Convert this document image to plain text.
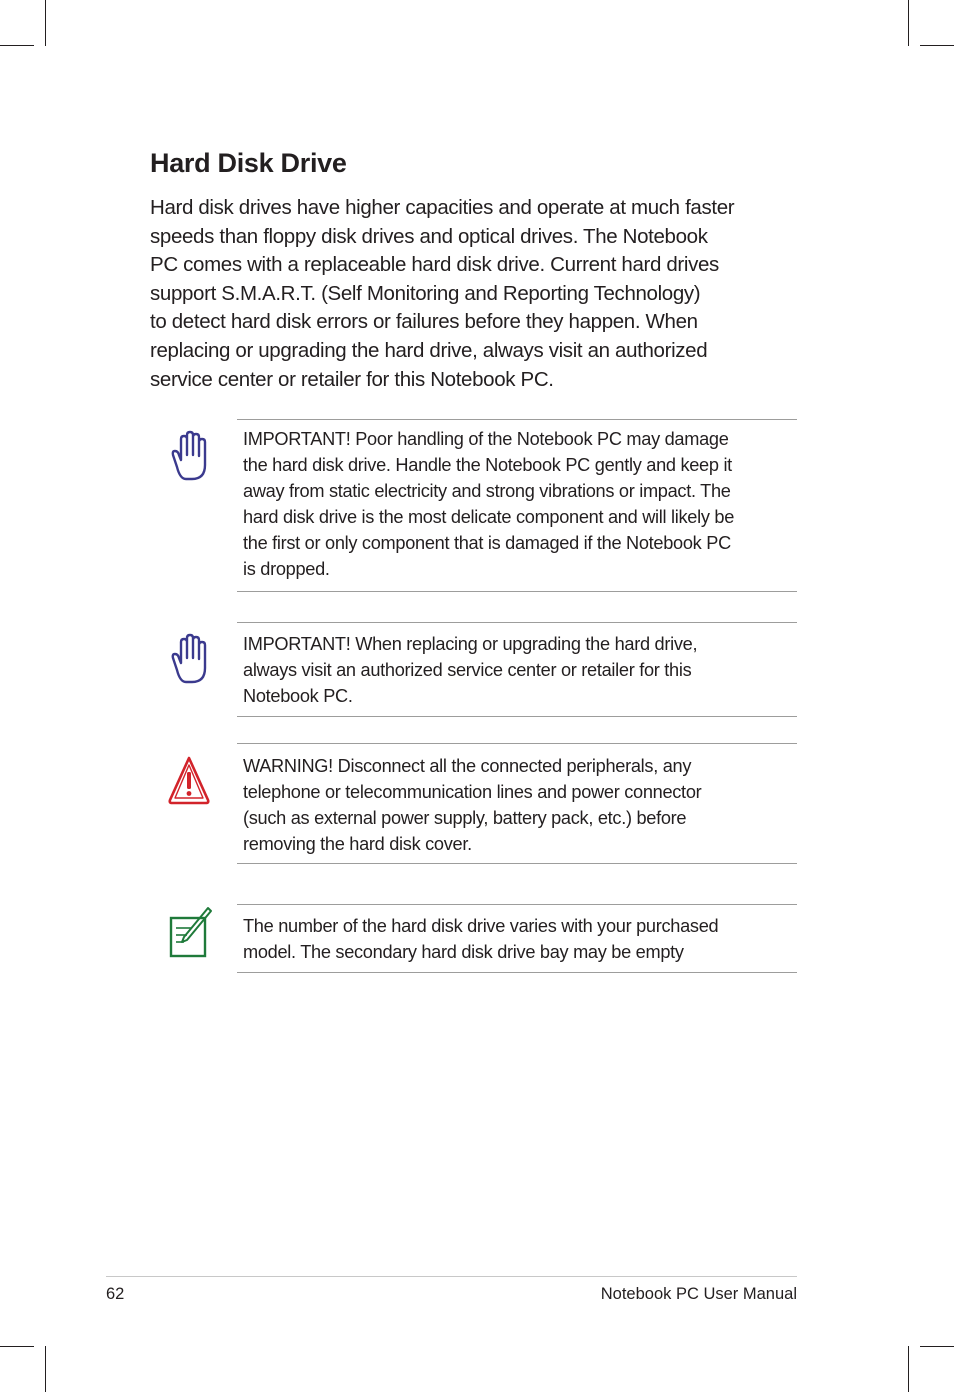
Hard Disk Drive

Hard disk drives have higher capacities and operate at much faster
speeds than floppy disk drives and optical drives. The Notebook
PC comes with a replaceable hard disk drive. Current hard drives
support S.M.A.R.T. (Self Monitoring and Reporting Technology)
to detect hard disk errors or failures before they happen. When
replacing or upgrading the hard drive, always visit an authorized
service center or retailer for this Notebook PC.

IMPORTANT! Poor handling of the Notebook PC may damage
the hard disk drive. Handle the Notebook PC gently and keep it
away from static electricity and strong vibrations or impact. The
hard disk drive is the most delicate component and will likely be
the first or only component that is damaged if the Notebook PC
is dropped.

IMPORTANT! When replacing or upgrading the hard drive,
always visit an authorized service center or retailer for this
Notebook PC.

WARNING! Disconnect all the connected peripherals, any
telephone or telecommunication lines and power connector
(such as external power supply, battery pack, etc.) before
removing the hard disk cover.

The number of the hard disk drive varies with your purchased
model. The secondary hard disk drive bay may be empty

62	Notebook PC User Manual
